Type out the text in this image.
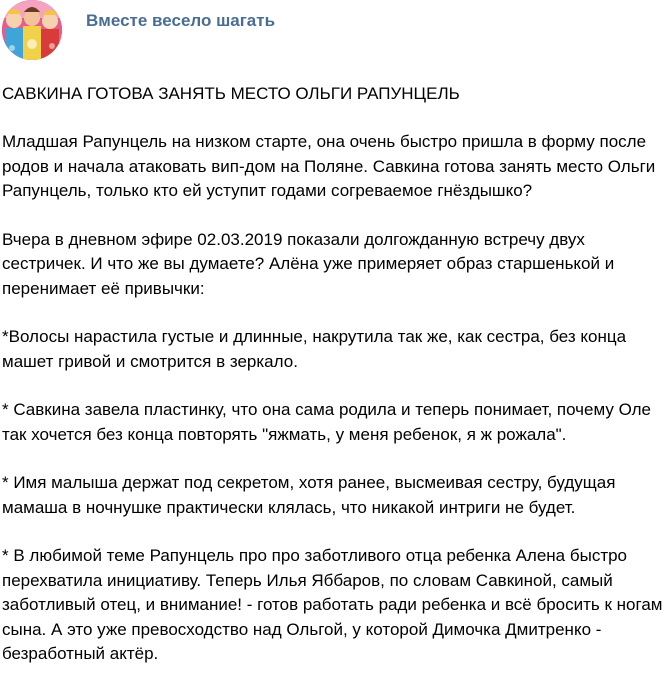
Вместе весело шагать
САВКИНА ГОТОВА ЗАНЯТЬ МЕСТО ОЛЬГИ РАПУНЦЕЛЬ

Младшая Рапунцель на низком старте, она очень быстро пришла в форму после родов и начала атаковать вип-дом на Поляне. Савкина готова занять место Ольги Рапунцель, только кто ей уступит годами согреваемое гнёздышко?

Вчера в дневном эфире 02.03.2019 показали долгожданную встречу двух сестричек. И что же вы думаете? Алёна уже примеряет образ старшенькой и перенимает её привычки:

*Волосы нарастила густые и длинные, накрутила так же, как сестра, без конца машет гривой и смотрится в зеркало.

* Савкина завела пластинку, что она сама родила и теперь понимает, почему Оле так хочется без конца повторять "яжмать, у меня ребенок, я ж рожала".

* Имя малыша держат под секретом, хотя ранее, высмеивая сестру, будущая мамаша в ночнушке практически клялась, что никакой интриги не будет.

* В любимой теме Рапунцель про про заботливого отца ребенка Алена быстро перехватила инициативу. Теперь Илья Яббаров, по словам Савкиной, самый заботливый отец, и внимание! - готов работать ради ребенка и всё бросить к ногам сына. А это уже превосходство над Ольгой, у которой Димочка Дмитренко - безработный актёр.
